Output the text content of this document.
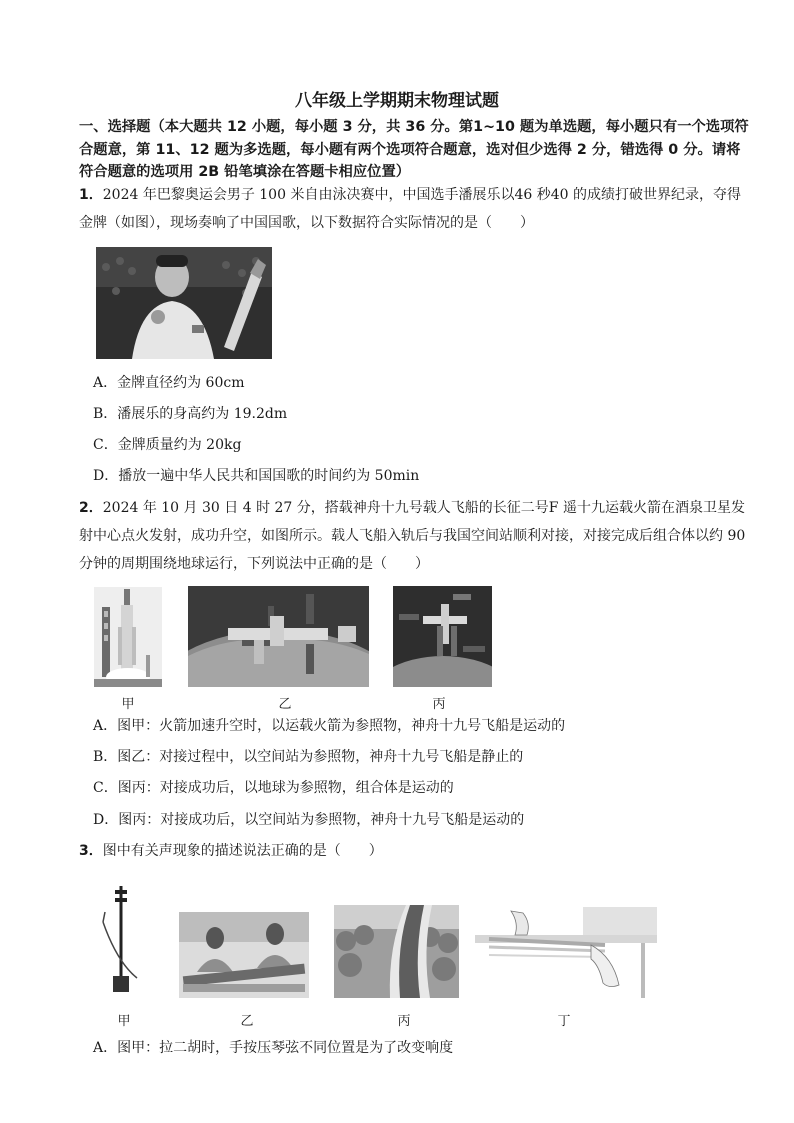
八年级上学期期末物理试题
一、选择题（本大题共 12 小题，每小题 3 分，共 36 分。第1~10 题为单选题，每小题只有一个选项符合题意，第 11、12 题为多选题，每小题有两个选项符合题意，选对但少选得 2 分，错选得 0 分。请将符合题意的选项用 2B 铅笔填涂在答题卡相应位置）
1．2024 年巴黎奥运会男子 100 米自由泳决赛中，中国选手潘展乐以46 秒40 的成绩打破世界纪录，夺得金牌（如图），现场奏响了中国国歌，以下数据符合实际情况的是（　　）
A．金牌直径约为 60cm
B．潘展乐的身高约为 19.2dm
C．金牌质量约为 20kg
D．播放一遍中华人民共和国国歌的时间约为 50min
2．2024 年 10 月 30 日 4 时 27 分，搭载神舟十九号载人飞船的长征二号F 遥十九运载火箭在酒泉卫星发射中心点火发射，成功升空，如图所示。载人飞船入轨后与我国空间站顺利对接，对接完成后组合体以约 90 分钟的周期围绕地球运行，下列说法中正确的是（　　）
甲	乙	丙
A．图甲：火箭加速升空时，以运载火箭为参照物，神舟十九号飞船是运动的
B．图乙：对接过程中，以空间站为参照物，神舟十九号飞船是静止的
C．图丙：对接成功后，以地球为参照物，组合体是运动的
D．图丙：对接成功后，以空间站为参照物，神舟十九号飞船是运动的
3．图中有关声现象的描述说法正确的是（　　）
甲	乙	丙	丁
A．图甲：拉二胡时，手按压琴弦不同位置是为了改变响度
